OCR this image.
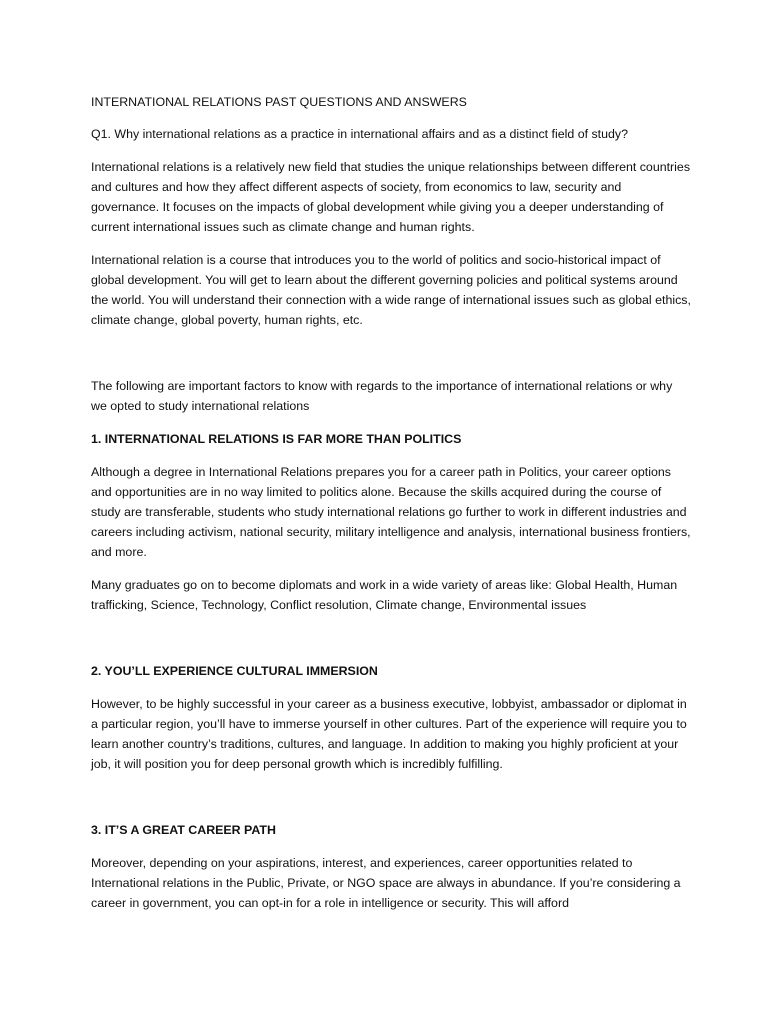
INTERNATIONAL RELATIONS PAST QUESTIONS AND ANSWERS

Q1. Why international relations as a practice in international affairs and as a distinct field of study?

International relations is a relatively new field that studies the unique relationships between different countries and cultures and how they affect different aspects of society, from economics to law, security and governance. It focuses on the impacts of global development while giving you a deeper understanding of current international issues such as climate change and human rights.

International relation is a course that introduces you to the world of politics and socio-historical impact of global development. You will get to learn about the different governing policies and political systems around the world. You will understand their connection with a wide range of international issues such as global ethics, climate change, global poverty, human rights, etc.

The following are important factors to know with regards to the importance of international relations or why we opted to study international relations

1. INTERNATIONAL RELATIONS IS FAR MORE THAN POLITICS

Although a degree in International Relations prepares you for a career path in Politics, your career options and opportunities are in no way limited to politics alone. Because the skills acquired during the course of study are transferable, students who study international relations go further to work in different industries and careers including activism, national security, military intelligence and analysis, international business frontiers, and more.

Many graduates go on to become diplomats and work in a wide variety of areas like: Global Health, Human trafficking, Science, Technology, Conflict resolution, Climate change, Environmental issues

2. YOU’LL EXPERIENCE CULTURAL IMMERSION

However, to be highly successful in your career as a business executive, lobbyist, ambassador or diplomat in a particular region, you’ll have to immerse yourself in other cultures. Part of the experience will require you to learn another country’s traditions, cultures, and language. In addition to making you highly proficient at your job, it will position you for deep personal growth which is incredibly fulfilling.

3. IT’S A GREAT CAREER PATH

Moreover, depending on your aspirations, interest, and experiences, career opportunities related to International relations in the Public, Private, or NGO space are always in abundance. If you’re considering a career in government, you can opt-in for a role in intelligence or security. This will afford
